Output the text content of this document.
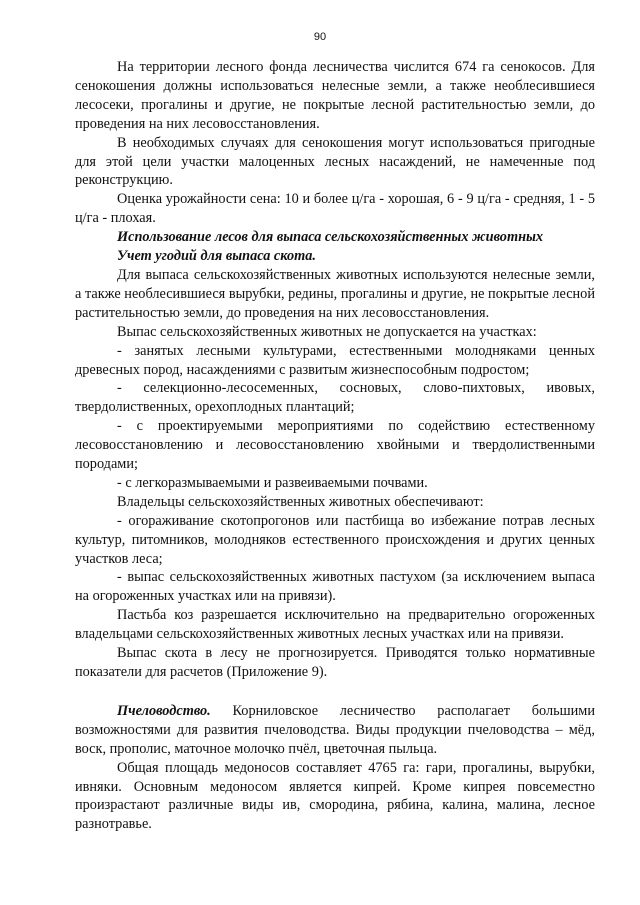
90

На территории лесного фонда лесничества числится 674 га сенокосов. Для сенокошения должны использоваться нелесные земли, а также необлесившиеся лесосеки, прогалины и другие, не покрытые лесной растительностью земли, до проведения на них лесовосстановления.

В необходимых случаях для сенокошения могут использоваться пригодные для этой цели участки малоценных лесных насаждений, не намеченные под реконструкцию.

Оценка урожайности сена: 10 и более ц/га - хорошая, 6 - 9 ц/га - средняя, 1 - 5 ц/га - плохая.

Использование лесов для выпаса сельскохозяйственных животных

Учет угодий для выпаса скота.

Для выпаса сельскохозяйственных животных используются нелесные земли, а также необлесившиеся вырубки, редины, прогалины и другие, не покрытые лесной растительностью земли, до проведения на них лесовосстановления.

Выпас сельскохозяйственных животных не допускается на участках:

- занятых лесными культурами, естественными молодняками ценных древесных пород, насаждениями с развитым жизнеспособным подростом;

- селекционно-лесосеменных, сосновых, слово-пихтовых, ивовых, твердолиственных, орехоплодных плантаций;

- с проектируемыми мероприятиями по содействию естественному лесовосстановлению и лесовосстановлению хвойными и твердолиственными породами;

- с легкоразмываемыми и развеиваемыми почвами.

Владельцы сельскохозяйственных животных обеспечивают:

- огораживание скотопрогонов или пастбища во избежание потрав лесных культур, питомников, молодняков естественного происхождения и других ценных участков леса;

- выпас сельскохозяйственных животных пастухом (за исключением выпаса на огороженных участках или на привязи).

Пастьба коз разрешается исключительно на предварительно огороженных владельцами сельскохозяйственных животных лесных участках или на привязи.

Выпас скота в лесу не прогнозируется. Приводятся только нормативные показатели для расчетов (Приложение 9).

Пчеловодство. Корниловское лесничество располагает большими возможностями для развития пчеловодства. Виды продукции пчеловодства – мёд, воск, прополис, маточное молочко пчёл, цветочная пыльца.

Общая площадь медоносов составляет 4765 га: гари, прогалины, вырубки, ивняки. Основным медоносом является кипрей. Кроме кипрея повсеместно произрастают различные виды ив, смородина, рябина, калина, малина, лесное разнотравье.
